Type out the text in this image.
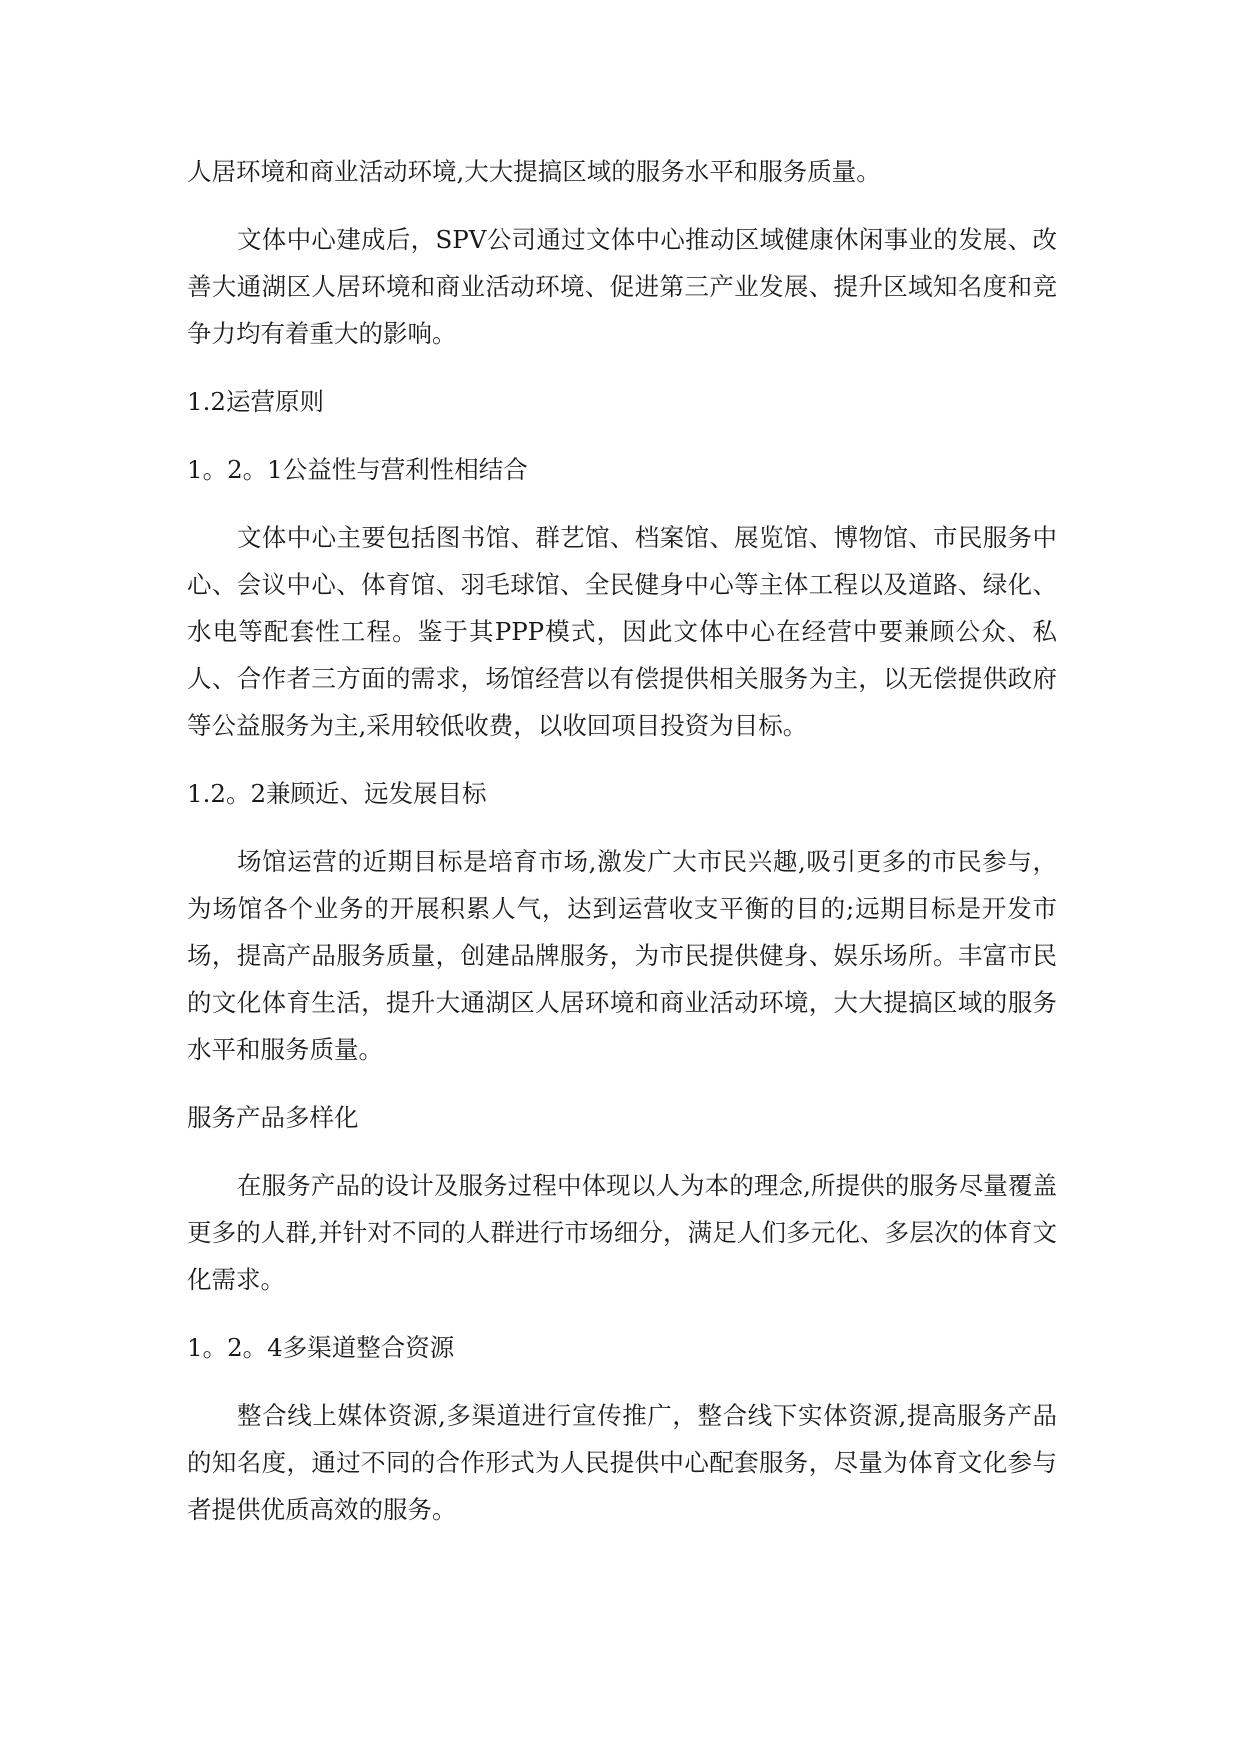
人居环境和商业活动环境,大大提搞区域的服务水平和服务质量。

文体中心建成后，SPV公司通过文体中心推动区域健康休闲事业的发展、改善大通湖区人居环境和商业活动环境、促进第三产业发展、提升区域知名度和竞争力均有着重大的影响。

1.2运营原则

1。2。1公益性与营利性相结合

文体中心主要包括图书馆、群艺馆、档案馆、展览馆、博物馆、市民服务中心、会议中心、体育馆、羽毛球馆、全民健身中心等主体工程以及道路、绿化、水电等配套性工程。鉴于其PPP模式，因此文体中心在经营中要兼顾公众、私人、合作者三方面的需求，场馆经营以有偿提供相关服务为主，以无偿提供政府等公益服务为主,采用较低收费，以收回项目投资为目标。

1.2。2兼顾近、远发展目标

场馆运营的近期目标是培育市场,激发广大市民兴趣,吸引更多的市民参与，为场馆各个业务的开展积累人气，达到运营收支平衡的目的;远期目标是开发市场，提高产品服务质量，创建品牌服务，为市民提供健身、娱乐场所。丰富市民的文化体育生活，提升大通湖区人居环境和商业活动环境，大大提搞区域的服务水平和服务质量。

服务产品多样化

在服务产品的设计及服务过程中体现以人为本的理念,所提供的服务尽量覆盖更多的人群,并针对不同的人群进行市场细分，满足人们多元化、多层次的体育文化需求。

1。2。4多渠道整合资源

整合线上媒体资源,多渠道进行宣传推广，整合线下实体资源,提高服务产品的知名度，通过不同的合作形式为人民提供中心配套服务，尽量为体育文化参与者提供优质高效的服务。
